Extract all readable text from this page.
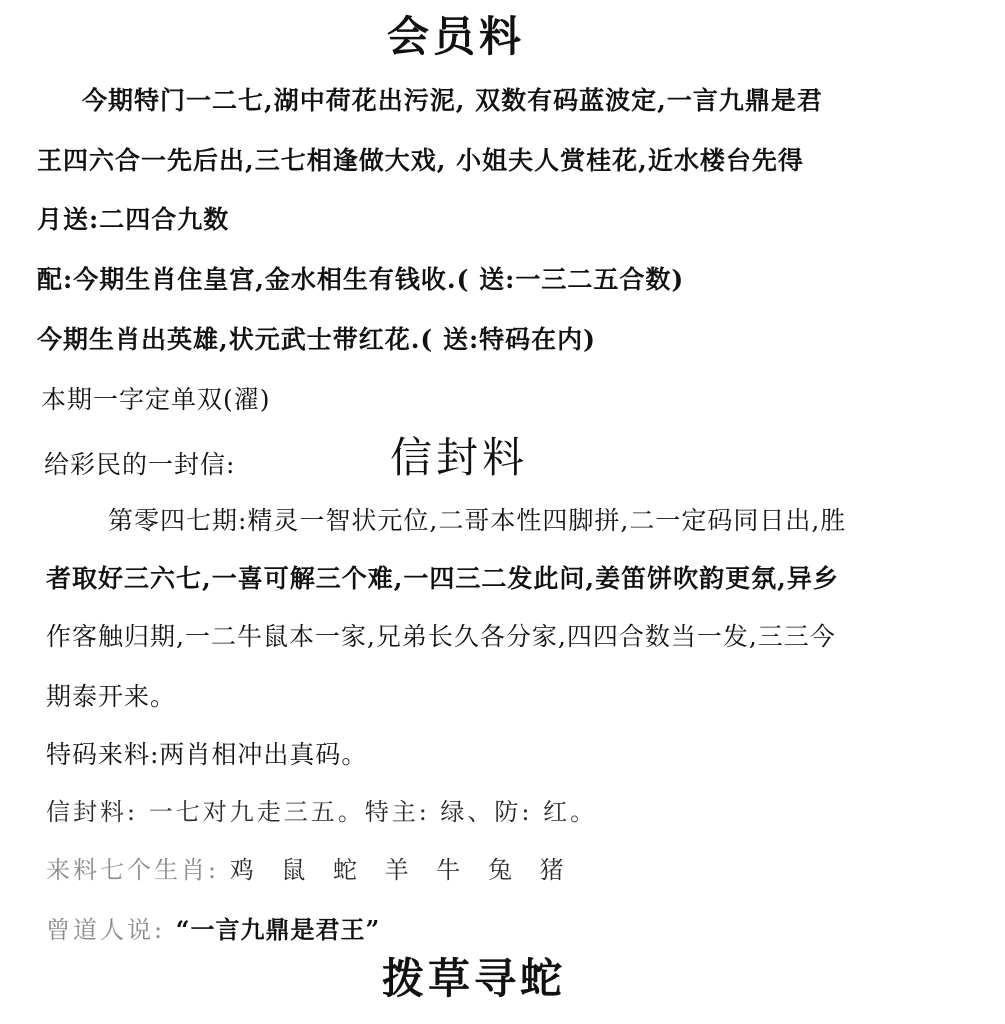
会员料
今期特门一二七,湖中荷花出污泥, 双数有码蓝波定,一言九鼎是君
王四六合一先后出,三七相逢做大戏, 小姐夫人赏桂花,近水楼台先得
月送:二四合九数
配:今期生肖住皇宫,金水相生有钱收.( 送:一三二五合数)
今期生肖出英雄,状元武士带红花.( 送:特码在内)
本期一字定单双(濯)
给彩民的一封信:	信封料
第零四七期:精灵一智状元位,二哥本性四脚拼,二一定码同日出,胜
者取好三六七,一喜可解三个难,一四三二发此问,姜笛饼吹韵更氛,异乡
作客触归期,一二牛鼠本一家,兄弟长久各分家,四四合数当一发,三三今
期泰开来。
特码来料:两肖相冲出真码。
信封料: 一七对九走三五。特主: 绿、防: 红。
来料七个生肖: 鸡 鼠 蛇 羊 牛 兔 猪
曾道人说: “一言九鼎是君王”
拨草寻蛇
